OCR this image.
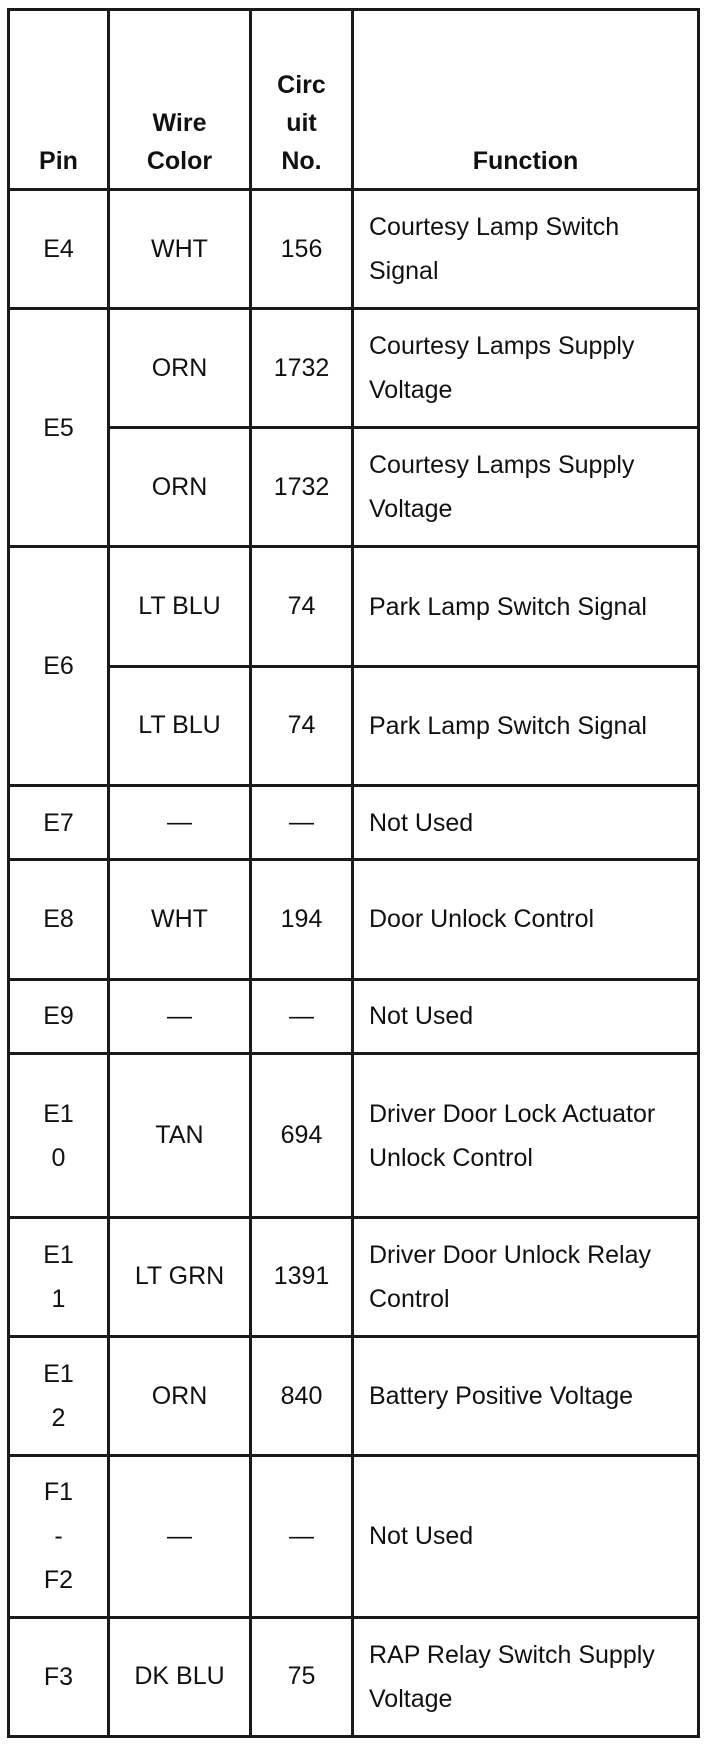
Pin	Wire Color	Circuit No.	Function
E4	WHT	156	Courtesy Lamp Switch Signal
E5	ORN	1732	Courtesy Lamps Supply Voltage
	ORN	1732	Courtesy Lamps Supply Voltage
E6	LT BLU	74	Park Lamp Switch Signal
	LT BLU	74	Park Lamp Switch Signal
E7	—	—	Not Used
E8	WHT	194	Door Unlock Control
E9	—	—	Not Used
E10	TAN	694	Driver Door Lock Actuator Unlock Control
E11	LT GRN	1391	Driver Door Unlock Relay Control
E12	ORN	840	Battery Positive Voltage
F1-F2	—	—	Not Used
F3	DK BLU	75	RAP Relay Switch Supply Voltage
